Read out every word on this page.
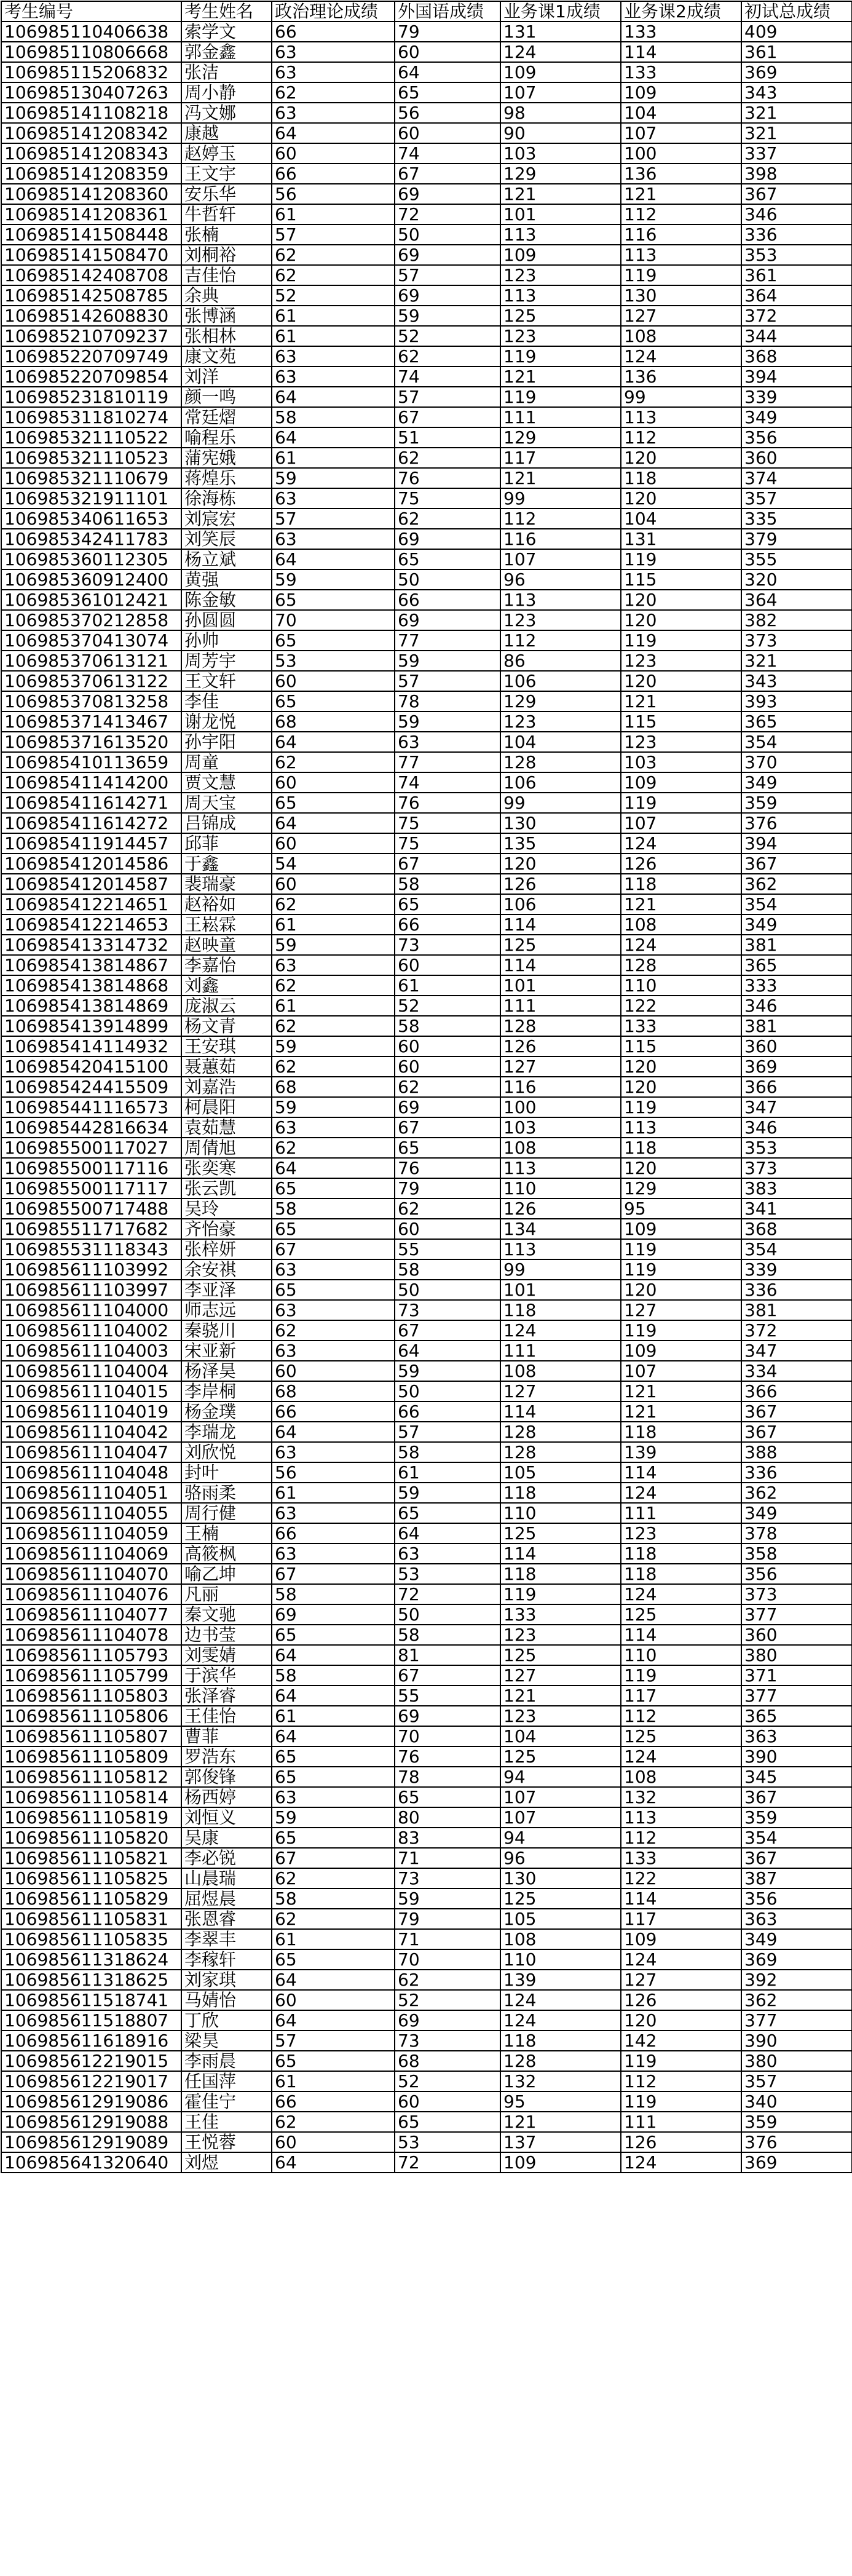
考生编号	考生姓名	政治理论成绩	外国语成绩	业务课1成绩	业务课2成绩	初试总成绩
106985110406638	索学文	66	79	131	133	409
106985110806668	郭金鑫	63	60	124	114	361
106985115206832	张洁	63	64	109	133	369
106985130407263	周小静	62	65	107	109	343
106985141108218	冯文娜	63	56	98	104	321
106985141208342	康越	64	60	90	107	321
106985141208343	赵婷玉	60	74	103	100	337
106985141208359	王文宇	66	67	129	136	398
106985141208360	安乐华	56	69	121	121	367
106985141208361	牛哲轩	61	72	101	112	346
106985141508448	张楠	57	50	113	116	336
106985141508470	刘桐裕	62	69	109	113	353
106985142408708	吉佳怡	62	57	123	119	361
106985142508785	余典	52	69	113	130	364
106985142608830	张博涵	61	59	125	127	372
106985210709237	张相林	61	52	123	108	344
106985220709749	康文苑	63	62	119	124	368
106985220709854	刘洋	63	74	121	136	394
106985231810119	颜一鸣	64	57	119	99	339
106985311810274	常廷熠	58	67	111	113	349
106985321110522	喻程乐	64	51	129	112	356
106985321110523	蒲宪娥	61	62	117	120	360
106985321110679	蒋煌乐	59	76	121	118	374
106985321911101	徐海栋	63	75	99	120	357
106985340611653	刘宸宏	57	62	112	104	335
106985342411783	刘笑辰	63	69	116	131	379
106985360112305	杨立斌	64	65	107	119	355
106985360912400	黄强	59	50	96	115	320
106985361012421	陈金敏	65	66	113	120	364
106985370212858	孙圆圆	70	69	123	120	382
106985370413074	孙帅	65	77	112	119	373
106985370613121	周芳宇	53	59	86	123	321
106985370613122	王文轩	60	57	106	120	343
106985370813258	李佳	65	78	129	121	393
106985371413467	谢龙悦	68	59	123	115	365
106985371613520	孙宇阳	64	63	104	123	354
106985410113659	周童	62	77	128	103	370
106985411414200	贾文慧	60	74	106	109	349
106985411614271	周天宝	65	76	99	119	359
106985411614272	吕锦成	64	75	130	107	376
106985411914457	邱菲	60	75	135	124	394
106985412014586	于鑫	54	67	120	126	367
106985412014587	裴瑞豪	60	58	126	118	362
106985412214651	赵裕如	62	65	106	121	354
106985412214653	王崧霖	61	66	114	108	349
106985413314732	赵映童	59	73	125	124	381
106985413814867	李嘉怡	63	60	114	128	365
106985413814868	刘鑫	62	61	101	110	333
106985413814869	庞淑云	61	52	111	122	346
106985413914899	杨文青	62	58	128	133	381
106985414114932	王安琪	59	60	126	115	360
106985420415100	聂蕙茹	62	60	127	120	369
106985424415509	刘嘉浩	68	62	116	120	366
106985441116573	柯晨阳	59	69	100	119	347
106985442816634	袁茹慧	63	67	103	113	346
106985500117027	周倩旭	62	65	108	118	353
106985500117116	张奕寒	64	76	113	120	373
106985500117117	张云凯	65	79	110	129	383
106985500717488	吴玲	58	62	126	95	341
106985511717682	齐怡豪	65	60	134	109	368
106985531118343	张梓妍	67	55	113	119	354
106985611103992	余安祺	63	58	99	119	339
106985611103997	李亚泽	65	50	101	120	336
106985611104000	师志远	63	73	118	127	381
106985611104002	秦骁川	62	67	124	119	372
106985611104003	宋亚新	63	64	111	109	347
106985611104004	杨泽昊	60	59	108	107	334
106985611104015	李岸桐	68	50	127	121	366
106985611104019	杨金璞	66	66	114	121	367
106985611104042	李瑞龙	64	57	128	118	367
106985611104047	刘欣悦	63	58	128	139	388
106985611104048	封叶	56	61	105	114	336
106985611104051	骆雨柔	61	59	118	124	362
106985611104055	周行健	63	65	110	111	349
106985611104059	王楠	66	64	125	123	378
106985611104069	高筱枫	63	63	114	118	358
106985611104070	喻乙坤	67	53	118	118	356
106985611104076	凡丽	58	72	119	124	373
106985611104077	秦文驰	69	50	133	125	377
106985611104078	边书莹	65	58	123	114	360
106985611105793	刘雯婧	64	81	125	110	380
106985611105799	于滨华	58	67	127	119	371
106985611105803	张泽睿	64	55	121	117	377
106985611105806	王佳怡	61	69	123	112	365
106985611105807	曹菲	64	70	104	125	363
106985611105809	罗浩东	65	76	125	124	390
106985611105812	郭俊锋	65	78	94	108	345
106985611105814	杨西婷	63	65	107	132	367
106985611105819	刘恒义	59	80	107	113	359
106985611105820	吴康	65	83	94	112	354
106985611105821	李必锐	67	71	96	133	367
106985611105825	山晨瑞	62	73	130	122	387
106985611105829	屈煜晨	58	59	125	114	356
106985611105831	张恩睿	62	79	105	117	363
106985611105835	李翠丰	61	71	108	109	349
106985611318624	李稼轩	65	70	110	124	369
106985611318625	刘家琪	64	62	139	127	392
106985611518741	马婧怡	60	52	124	126	362
106985611518807	丁欣	64	69	124	120	377
106985611618916	梁昊	57	73	118	142	390
106985612219015	李雨晨	65	68	128	119	380
106985612219017	任国萍	61	52	132	112	357
106985612919086	霍佳宁	66	60	95	119	340
106985612919088	王佳	62	65	121	111	359
106985612919089	王悦蓉	60	53	137	126	376
106985641320640	刘煜	64	72	109	124	369
